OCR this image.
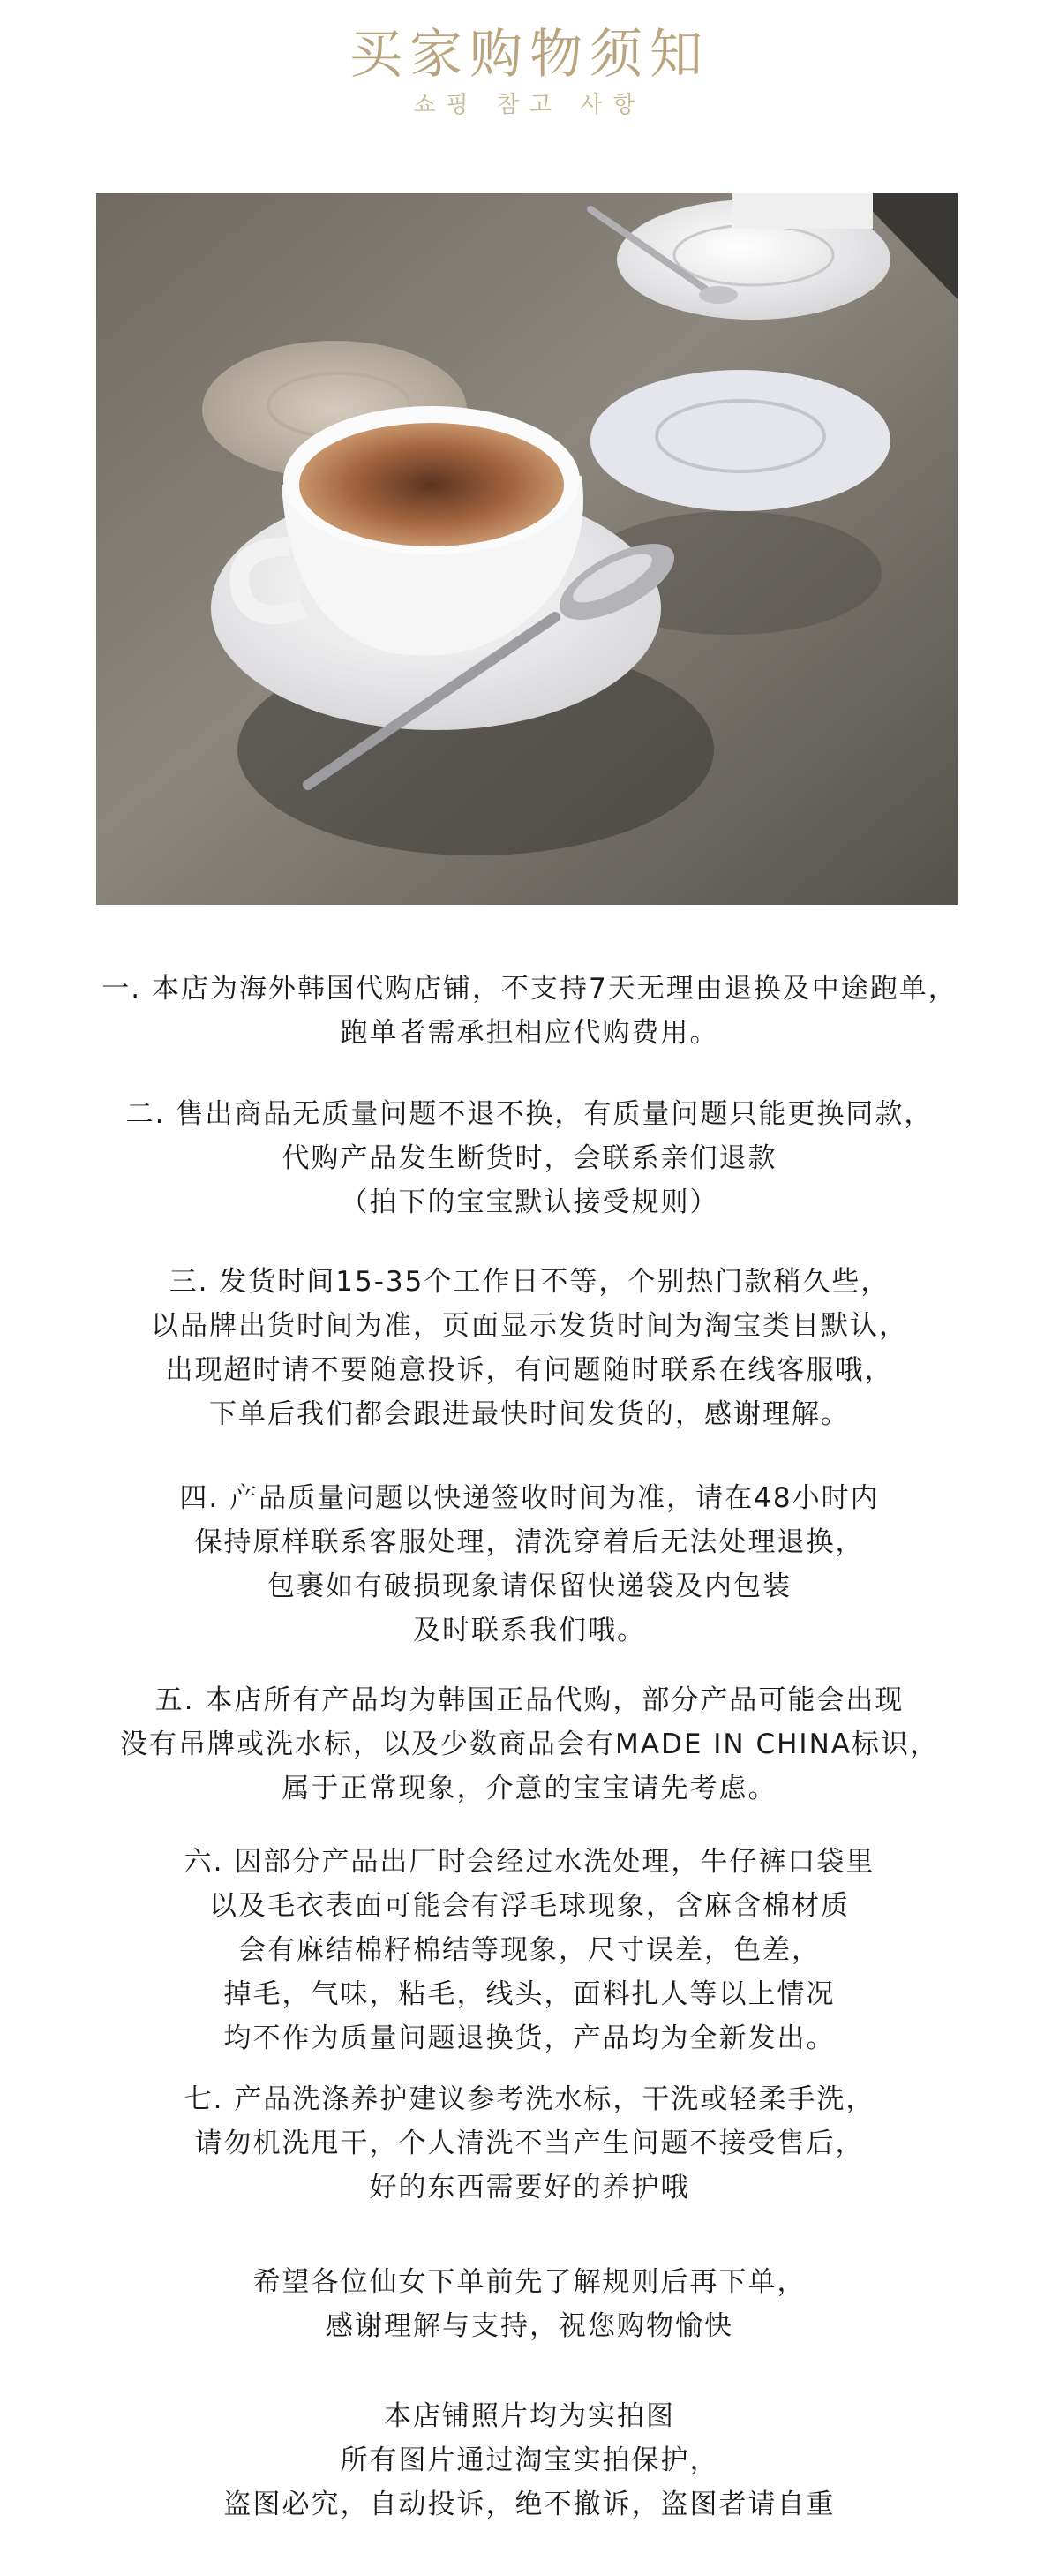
买家购物须知
쇼핑 참고 사항
一. 本店为海外韩国代购店铺，不支持7天无理由退换及中途跑单，
跑单者需承担相应代购费用。
二. 售出商品无质量问题不退不换，有质量问题只能更换同款，
代购产品发生断货时，会联系亲们退款
（拍下的宝宝默认接受规则）
三. 发货时间15-35个工作日不等，个别热门款稍久些，
以品牌出货时间为准，页面显示发货时间为淘宝类目默认，
出现超时请不要随意投诉，有问题随时联系在线客服哦，
下单后我们都会跟进最快时间发货的，感谢理解。
四. 产品质量问题以快递签收时间为准，请在48小时内
保持原样联系客服处理，清洗穿着后无法处理退换，
包裹如有破损现象请保留快递袋及内包装
及时联系我们哦。
五. 本店所有产品均为韩国正品代购，部分产品可能会出现
没有吊牌或洗水标，以及少数商品会有MADE IN CHINA标识，
属于正常现象，介意的宝宝请先考虑。
六. 因部分产品出厂时会经过水洗处理，牛仔裤口袋里
以及毛衣表面可能会有浮毛球现象，含麻含棉材质
会有麻结棉籽棉结等现象，尺寸误差，色差，
掉毛，气味，粘毛，线头，面料扎人等以上情况
均不作为质量问题退换货，产品均为全新发出。
七. 产品洗涤养护建议参考洗水标，干洗或轻柔手洗，
请勿机洗甩干，个人清洗不当产生问题不接受售后，
好的东西需要好的养护哦
希望各位仙女下单前先了解规则后再下单，
感谢理解与支持，祝您购物愉快
本店铺照片均为实拍图
所有图片通过淘宝实拍保护，
盗图必究，自动投诉，绝不撤诉，盗图者请自重
